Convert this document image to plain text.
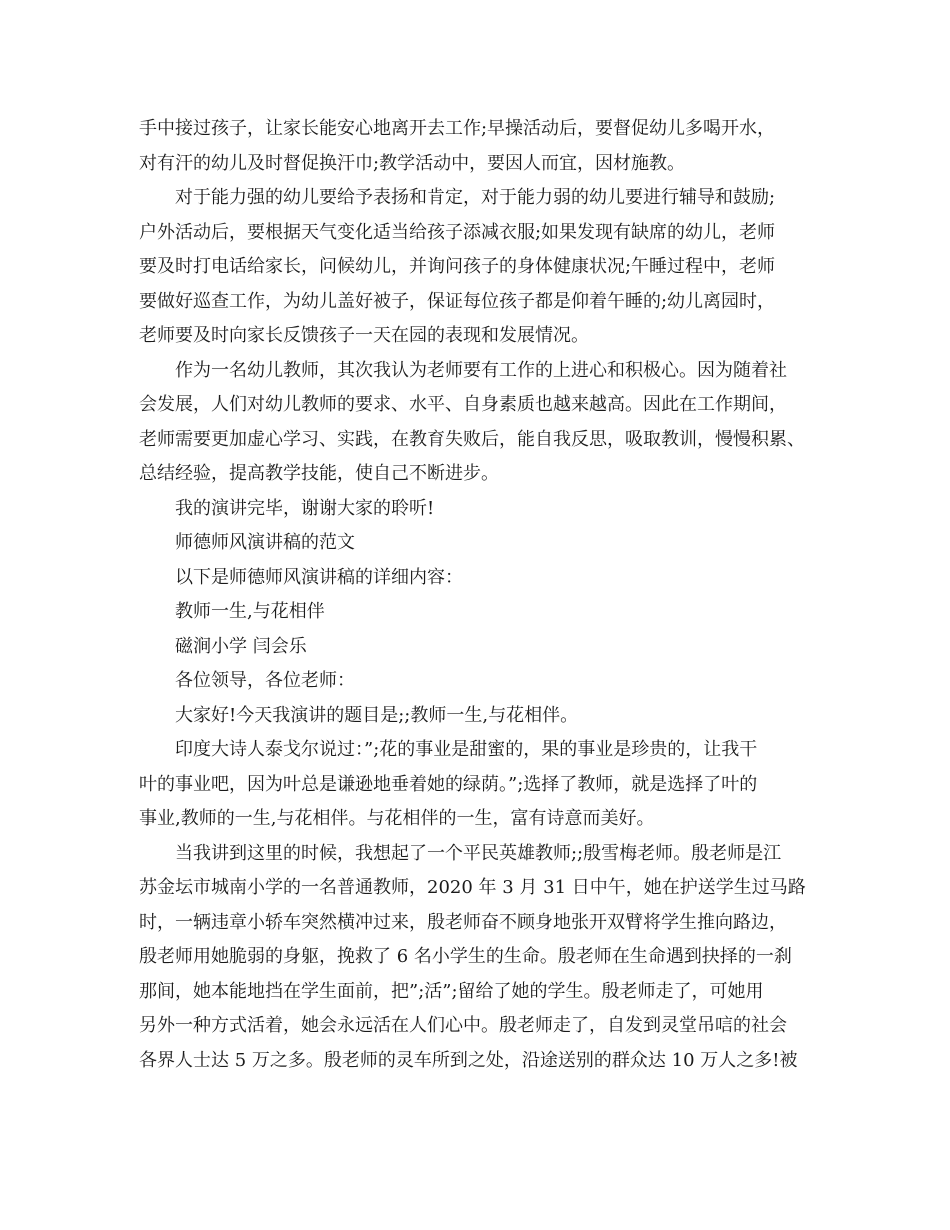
手中接过孩子，让家长能安心地离开去工作;早操活动后，要督促幼儿多喝开水，
对有汗的幼儿及时督促换汗巾;教学活动中，要因人而宜，因材施教。
对于能力强的幼儿要给予表扬和肯定，对于能力弱的幼儿要进行辅导和鼓励;
户外活动后，要根据天气变化适当给孩子添减衣服;如果发现有缺席的幼儿，老师
要及时打电话给家长，问候幼儿，并询问孩子的身体健康状况;午睡过程中，老师
要做好巡查工作，为幼儿盖好被子，保证每位孩子都是仰着午睡的;幼儿离园时，
老师要及时向家长反馈孩子一天在园的表现和发展情况。
作为一名幼儿教师，其次我认为老师要有工作的上进心和积极心。因为随着社
会发展，人们对幼儿教师的要求、水平、自身素质也越来越高。因此在工作期间，
老师需要更加虚心学习、实践，在教育失败后，能自我反思，吸取教训，慢慢积累、
总结经验，提高教学技能，使自己不断进步。
我的演讲完毕，谢谢大家的聆听!
师德师风演讲稿的范文
以下是师德师风演讲稿的详细内容：
教师一生,与花相伴
磁涧小学 闫会乐
各位领导，各位老师：
大家好!今天我演讲的题目是;;教师一生,与花相伴。
印度大诗人泰戈尔说过：”;花的事业是甜蜜的，果的事业是珍贵的，让我干
叶的事业吧，因为叶总是谦逊地垂着她的绿荫。”;选择了教师，就是选择了叶的
事业,教师的一生,与花相伴。与花相伴的一生，富有诗意而美好。
当我讲到这里的时候，我想起了一个平民英雄教师;;殷雪梅老师。殷老师是江
苏金坛市城南小学的一名普通教师，2020 年 3 月 31 日中午，她在护送学生过马路
时，一辆违章小轿车突然横冲过来，殷老师奋不顾身地张开双臂将学生推向路边，
殷老师用她脆弱的身躯，挽救了 6 名小学生的生命。殷老师在生命遇到抉择的一刹
那间，她本能地挡在学生面前，把”;活”;留给了她的学生。殷老师走了，可她用
另外一种方式活着，她会永远活在人们心中。殷老师走了，自发到灵堂吊唁的社会
各界人士达 5 万之多。殷老师的灵车所到之处，沿途送别的群众达 10 万人之多!被
